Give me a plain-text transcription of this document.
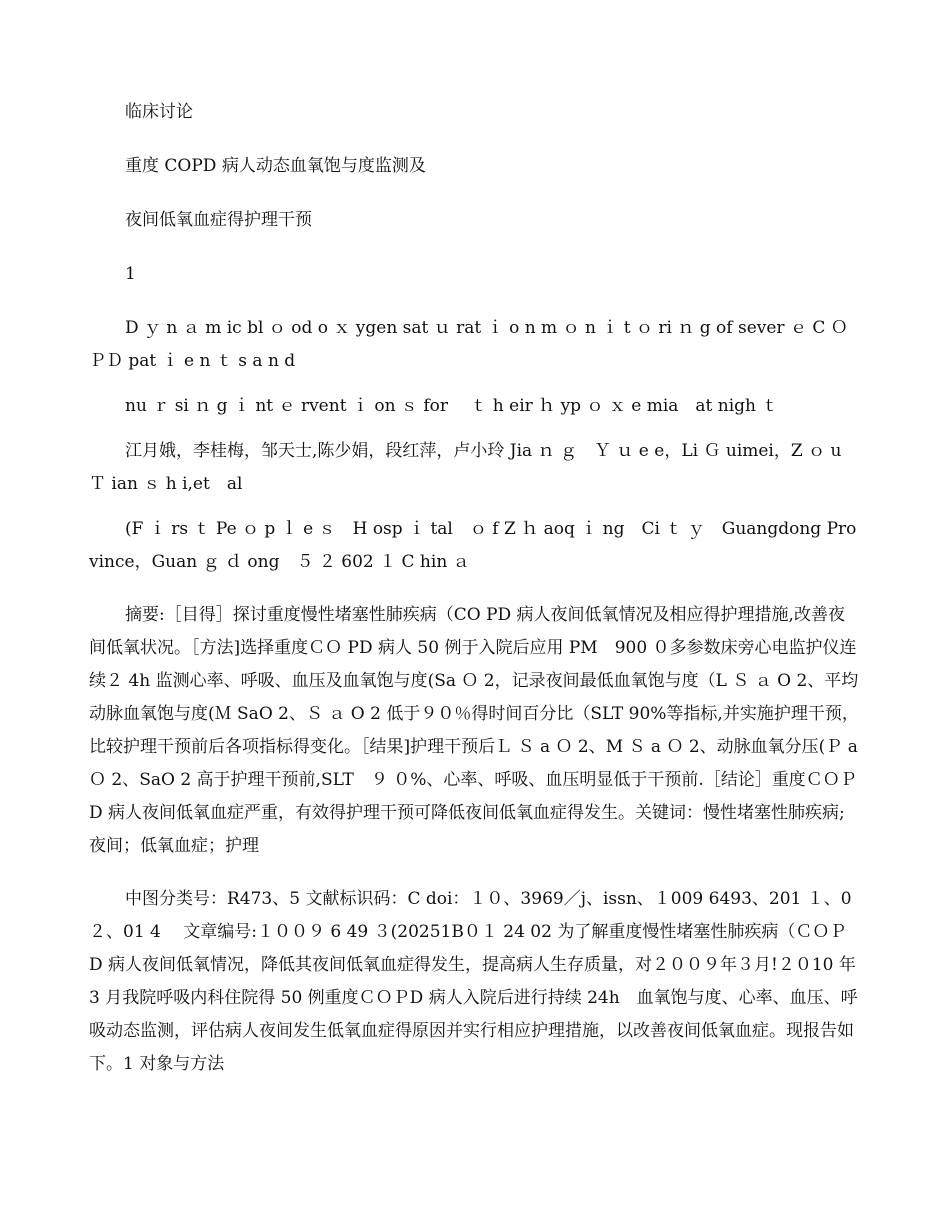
临床讨论

重度 COPD 病人动态血氧饱与度监测及

夜间低氧血症得护理干预

1

D ｙ n ａ m ic bl ｏ od o ｘ ygen sat ｕ rat ｉ o n m ｏ n ｉ t ｏ ri ｎ g of sever ｅ C ＯＰＤ pat ｉ e n ｔ s a n d

nu ｒ si ｎ g ｉ nt ｅ rvent ｉ on ｓ for　 ｔ h eir ｈ yp ｏ ｘ e mia　at nigh ｔ

江月娥，李桂梅，邹天士,陈少娟，段红萍，卢小玲 Jia ｎ ｇ　Ｙ ｕ e e，Li Ｇ uimei，Z ｏ u Ｔ ian ｓ h i,et　al

(F ｉ rs ｔ Pe ｏ p ｌ e ｓ　H osp ｉ tal　ｏ f Z ｈ aoq ｉ ng　Ci ｔ ｙ　Guangdong Province，Guan ｇ ｄ ong　５ ２ 602 １ C hin ａ

摘要:［目得］探讨重度慢性堵塞性肺疾病（CO PD 病人夜间低氧情况及相应得护理措施,改善夜间低氧状况。［方法]选择重度ＣＯ PD 病人 50 例于入院后应用 PM　900 ０多参数床旁心电监护仪连续２ 4h 监测心率、呼吸、血压及血氧饱与度(Sa Ｏ 2，记录夜间最低血氧饱与度（L Ｓ ａ O 2、平均动脉血氧饱与度(Ｍ SaO 2、Ｓ ａ O 2 低于９０％得时间百分比（SLT 90%等指标,并实施护理干预，比较护理干预前后各项指标得变化。［结果]护理干预后Ｌ Ｓ a Ｏ 2、M Ｓ a Ｏ 2、动脉血氧分压(Ｐ a Ｏ 2、SaO 2 高于护理干预前,SLT　９ ０%、心率、呼吸、血压明显低于干预前.［结论］重度ＣＯＰD 病人夜间低氧血症严重，有效得护理干预可降低夜间低氧血症得发生。关键词：慢性堵塞性肺疾病;夜间；低氧血症；护理

中图分类号：R473、5 文献标识码：C doi：１０、3969／j、issn、１009 6493、201 １、0 ２、01 4　 文章编号:１００９ 6 49 ３(20251B０１ 24 02 为了解重度慢性堵塞性肺疾病（ＣＯＰ D 病人夜间低氧情况，降低其夜间低氧血症得发生，提高病人生存质量，对２００９年３月!２０10 年 3 月我院呼吸内科住院得 50 例重度ＣＯＰD 病人入院后进行持续 24h　血氧饱与度、心率、血压、呼吸动态监测，评估病人夜间发生低氧血症得原因并实行相应护理措施，以改善夜间低氧血症。现报告如下。1 对象与方法
